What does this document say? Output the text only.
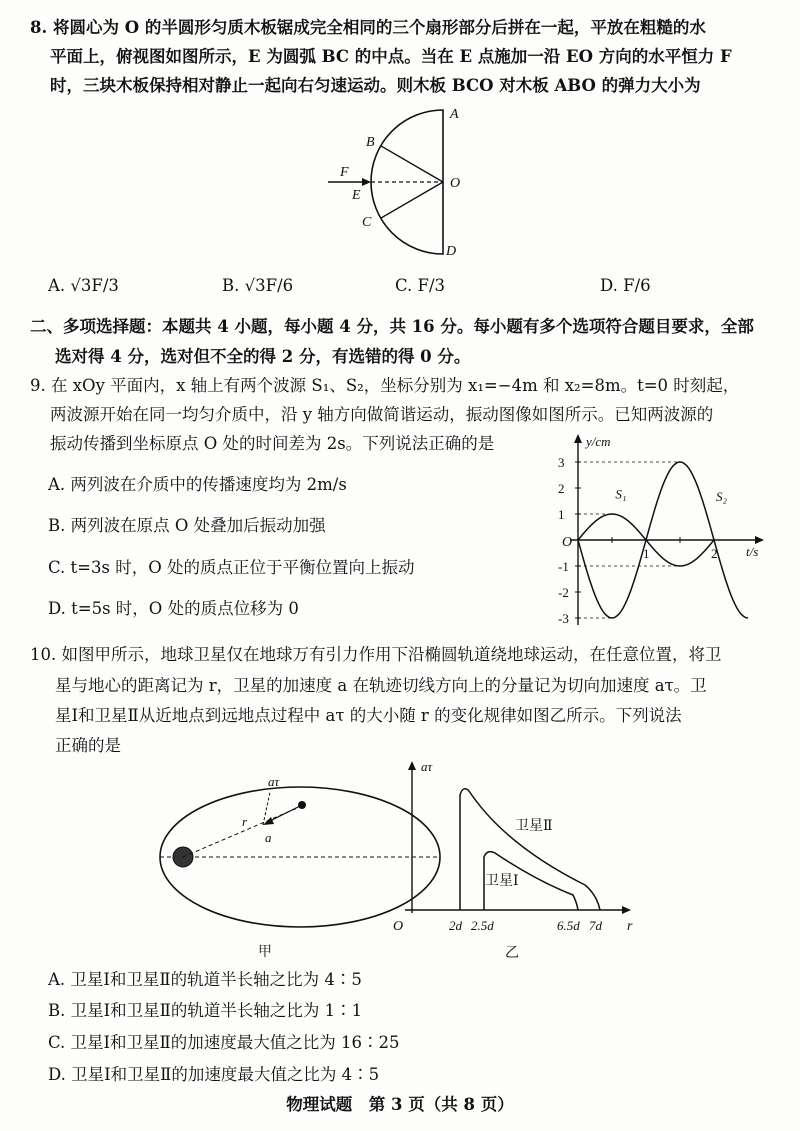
8. 将圆心为 O 的半圆形匀质木板锯成完全相同的三个扇形部分后拼在一起，平放在粗糙的水
平面上，俯视图如图所示，E 为圆弧 BC 的中点。当在 E 点施加一沿 EO 方向的水平恒力 F
时，三块木板保持相对静止一起向右匀速运动。则木板 BCO 对木板 ABO 的弹力大小为
A
B
F
O
E
C
D
A. √3F/3	B. √3F/6	C. F/3	D. F/6
二、多项选择题：本题共 4 小题，每小题 4 分，共 16 分。每小题有多个选项符合题目要求，全部
选对得 4 分，选对但不全的得 2 分，有选错的得 0 分。
9. 在 xOy 平面内，x 轴上有两个波源 S₁、S₂，坐标分别为 x₁=−4m 和 x₂=8m。t=0 时刻起，
两波源开始在同一均匀介质中，沿 y 轴方向做简谐运动，振动图像如图所示。已知两波源的
振动传播到坐标原点 O 处的时间差为 2s。下列说法正确的是
A. 两列波在介质中的传播速度均为 2m/s
B. 两列波在原点 O 处叠加后振动加强
C. t=3s 时，O 处的质点正位于平衡位置向上振动
D. t=5s 时，O 处的质点位移为 0
y/cm
t/s
O
3
2
1
-1
-2
-3
1	2
S₁	S₂
10. 如图甲所示，地球卫星仅在地球万有引力作用下沿椭圆轨道绕地球运动，在任意位置，将卫
星与地心的距离记为 r，卫星的加速度 a 在轨迹切线方向上的分量记为切向加速度 aτ。卫
星Ⅰ和卫星Ⅱ从近地点到远地点过程中 aτ 的大小随 r 的变化规律如图乙所示。下列说法
正确的是
aτ
r
a
甲
aτ
r
O
卫星Ⅱ
卫星Ⅰ
2d 2.5d	6.5d 7d
乙
A. 卫星Ⅰ和卫星Ⅱ的轨道半长轴之比为 4∶5
B. 卫星Ⅰ和卫星Ⅱ的轨道半长轴之比为 1∶1
C. 卫星Ⅰ和卫星Ⅱ的加速度最大值之比为 16∶25
D. 卫星Ⅰ和卫星Ⅱ的加速度最大值之比为 4∶5
物理试题　第 3 页（共 8 页）
